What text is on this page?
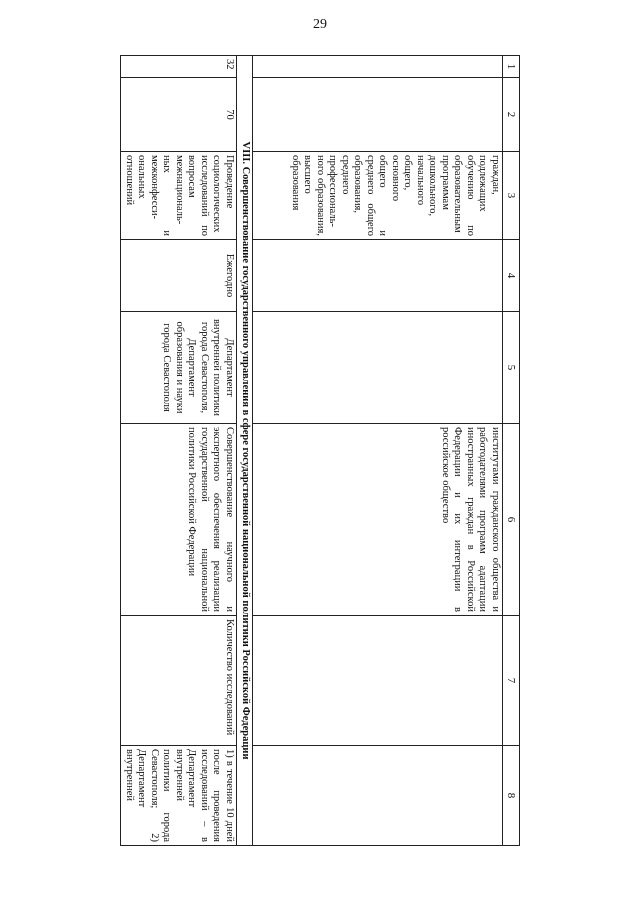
29
1	2	3	4	5	6	7	8
		граждан, подлежащих обучению по образовательным программам дошкольного, начального общего, основного общего и среднего общего образования, среднего профессиональ-ного образования, высшего образования			институтами гражданского общества и работодателями программ адаптации иностранных граждан в Российской Федерации и их интеграции в российское общество		
VIII. Совершенствование государственного управления в сфере государственной национальной политики Российской Федерации							
32	70	Проведение социологических исследований по вопросам межнациональ-ных и межконфесси-ональных отношений	Ежегодно	Департамент внутренней политики города Севастополя, Департамент образования и науки города Севастополя	Совершенствование научного и экспертного обеспечения реализации государственной национальной политики Российской Федерации	Количество исследований	1) в течение 10 дней после проведения исследований – в Департамент внутренней политики города Севастополя; 2) Департамент внутренней
